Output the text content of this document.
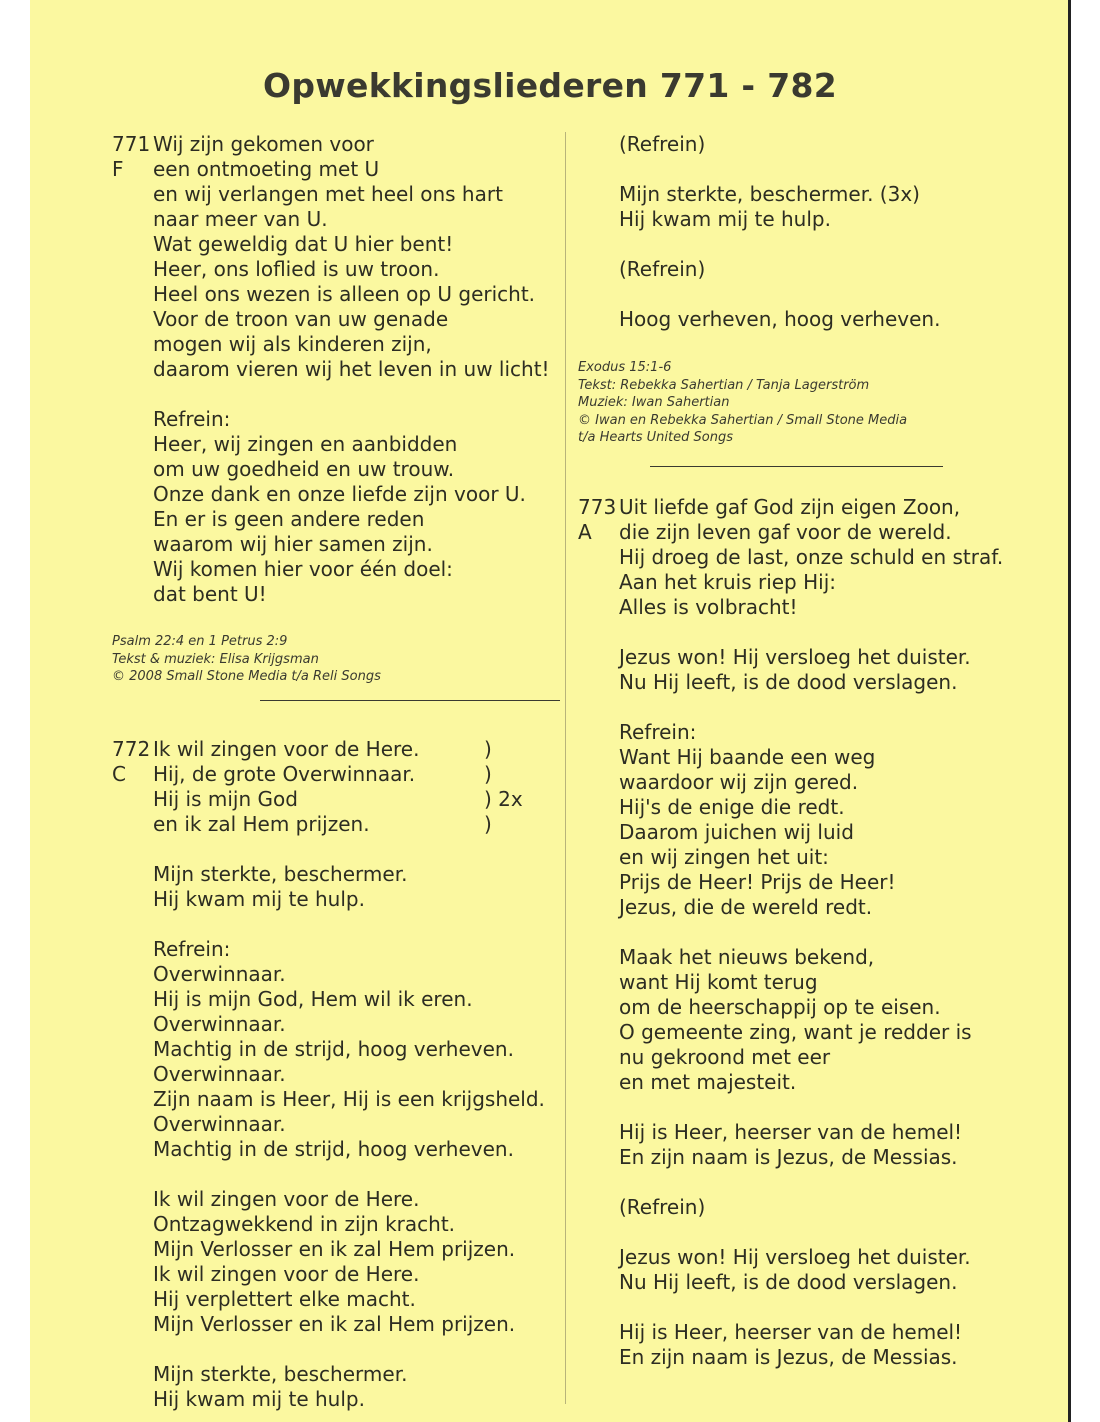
Opwekkingsliederen 771 - 782
771
F
Wij zijn gekomen voor
een ontmoeting met U
en wij verlangen met heel ons hart
naar meer van U.
Wat geweldig dat U hier bent!
Heer, ons loflied is uw troon.
Heel ons wezen is alleen op U gericht.
Voor de troon van uw genade
mogen wij als kinderen zijn,
daarom vieren wij het leven in uw licht!
Refrein:
Heer, wij zingen en aanbidden
om uw goedheid en uw trouw.
Onze dank en onze liefde zijn voor U.
En er is geen andere reden
waarom wij hier samen zijn.
Wij komen hier voor één doel:
dat bent U!
Psalm 22:4 en 1 Petrus 2:9
Tekst & muziek: Elisa Krijgsman
© 2008 Small Stone Media t/a Reli Songs
772
C
Ik wil zingen voor de Here.	)
Hij, de grote Overwinnaar.	)
Hij is mijn God	) 2x
en ik zal Hem prijzen.	)
Mijn sterkte, beschermer.
Hij kwam mij te hulp.
Refrein:
Overwinnaar.
Hij is mijn God, Hem wil ik eren.
Overwinnaar.
Machtig in de strijd, hoog verheven.
Overwinnaar.
Zijn naam is Heer, Hij is een krijgsheld.
Overwinnaar.
Machtig in de strijd, hoog verheven.
Ik wil zingen voor de Here.
Ontzagwekkend in zijn kracht.
Mijn Verlosser en ik zal Hem prijzen.
Ik wil zingen voor de Here.
Hij verplettert elke macht.
Mijn Verlosser en ik zal Hem prijzen.
Mijn sterkte, beschermer.
Hij kwam mij te hulp.
(Refrein)
Mijn sterkte, beschermer. (3x)
Hij kwam mij te hulp.
(Refrein)
Hoog verheven, hoog verheven.
Exodus 15:1-6
Tekst: Rebekka Sahertian / Tanja Lagerström
Muziek: Iwan Sahertian
© Iwan en Rebekka Sahertian / Small Stone Media
t/a Hearts United Songs
773
A
Uit liefde gaf God zijn eigen Zoon,
die zijn leven gaf voor de wereld.
Hij droeg de last, onze schuld en straf.
Aan het kruis riep Hij:
Alles is volbracht!
Jezus won! Hij versloeg het duister.
Nu Hij leeft, is de dood verslagen.
Refrein:
Want Hij baande een weg
waardoor wij zijn gered.
Hij's de enige die redt.
Daarom juichen wij luid
en wij zingen het uit:
Prijs de Heer! Prijs de Heer!
Jezus, die de wereld redt.
Maak het nieuws bekend,
want Hij komt terug
om de heerschappij op te eisen.
O gemeente zing, want je redder is
nu gekroond met eer
en met majesteit.
Hij is Heer, heerser van de hemel!
En zijn naam is Jezus, de Messias.
(Refrein)
Jezus won! Hij versloeg het duister.
Nu Hij leeft, is de dood verslagen.
Hij is Heer, heerser van de hemel!
En zijn naam is Jezus, de Messias.
